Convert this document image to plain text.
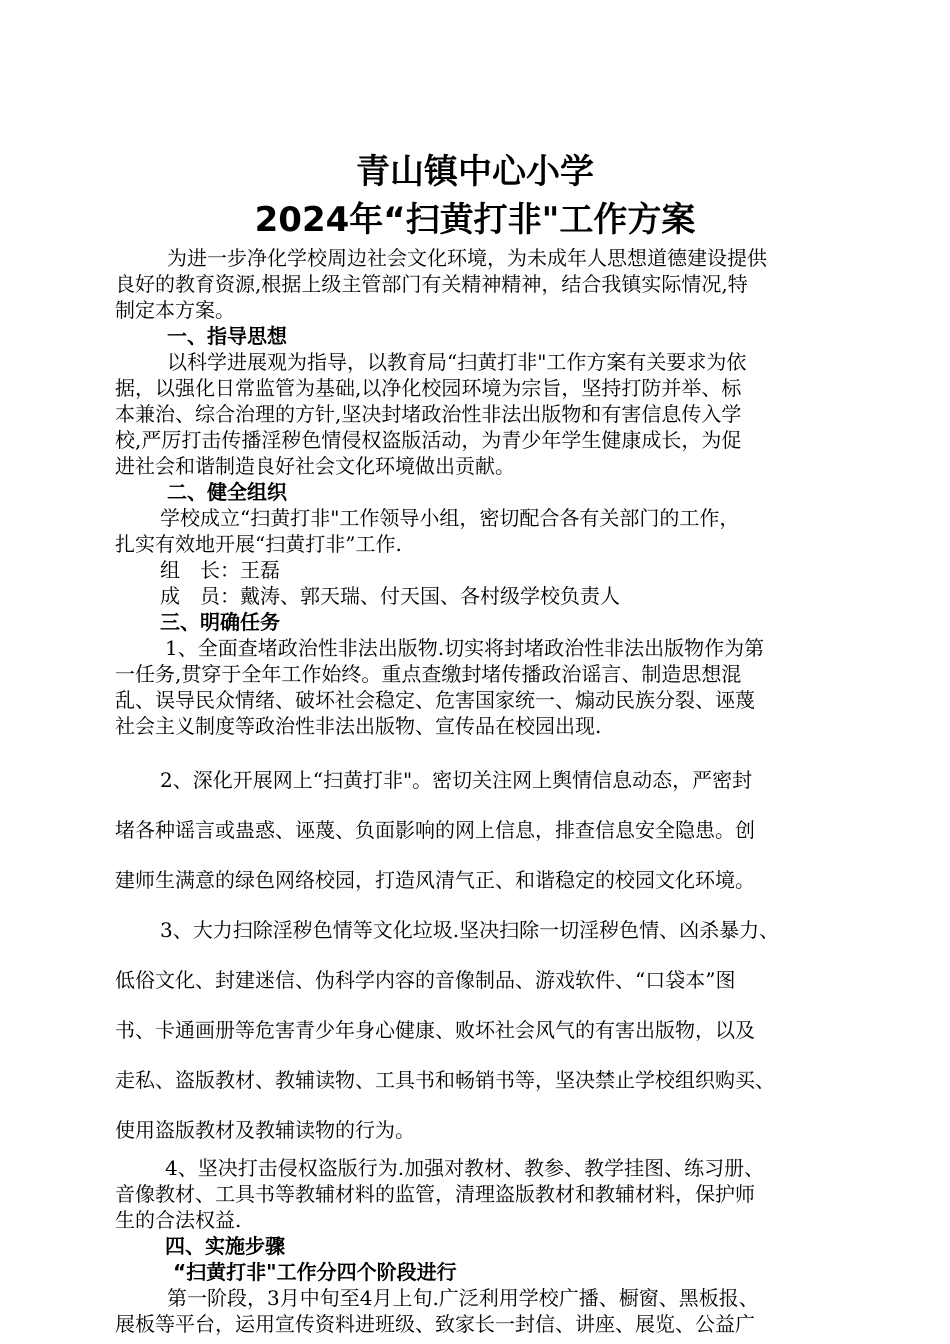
青山镇中心小学
2024年“扫黄打非"工作方案
为进一步净化学校周边社会文化环境，为未成年人思想道德建设提供
良好的教育资源,根据上级主管部门有关精神精神，结合我镇实际情况,特
制定本方案。
一、指导思想
以科学进展观为指导，以教育局“扫黄打非"工作方案有关要求为依
据，以强化日常监管为基础,以净化校园环境为宗旨，坚持打防并举、标
本兼治、综合治理的方针,坚决封堵政治性非法出版物和有害信息传入学
校,严厉打击传播淫秽色情侵权盗版活动，为青少年学生健康成长，为促
进社会和谐制造良好社会文化环境做出贡献。
二、健全组织
学校成立“扫黄打非"工作领导小组，密切配合各有关部门的工作，
扎实有效地开展“扫黄打非”工作.
组　长：王磊
成　员：戴涛、郭天瑞、付天国、各村级学校负责人
三、明确任务
1、全面查堵政治性非法出版物.切实将封堵政治性非法出版物作为第
一任务,贯穿于全年工作始终。重点查缴封堵传播政治谣言、制造思想混
乱、误导民众情绪、破坏社会稳定、危害国家统一、煽动民族分裂、诬蔑
社会主义制度等政治性非法出版物、宣传品在校园出现.
2、深化开展网上“扫黄打非"。密切关注网上舆情信息动态，严密封
堵各种谣言或蛊惑、诬蔑、负面影响的网上信息，排查信息安全隐患。创
建师生满意的绿色网络校园，打造风清气正、和谐稳定的校园文化环境。
3、大力扫除淫秽色情等文化垃圾.坚决扫除一切淫秽色情、凶杀暴力、
低俗文化、封建迷信、伪科学内容的音像制品、游戏软件、“口袋本”图
书、卡通画册等危害青少年身心健康、败坏社会风气的有害出版物，以及
走私、盗版教材、教辅读物、工具书和畅销书等，坚决禁止学校组织购买、
使用盗版教材及教辅读物的行为。
4、坚决打击侵权盗版行为.加强对教材、教参、教学挂图、练习册、
音像教材、工具书等教辅材料的监管，清理盗版教材和教辅材料，保护师
生的合法权益.
四、实施步骤
“扫黄打非"工作分四个阶段进行
第一阶段，3月中旬至4月上旬.广泛利用学校广播、橱窗、黑板报、
展板等平台，运用宣传资料进班级、致家长一封信、讲座、展览、公益广
